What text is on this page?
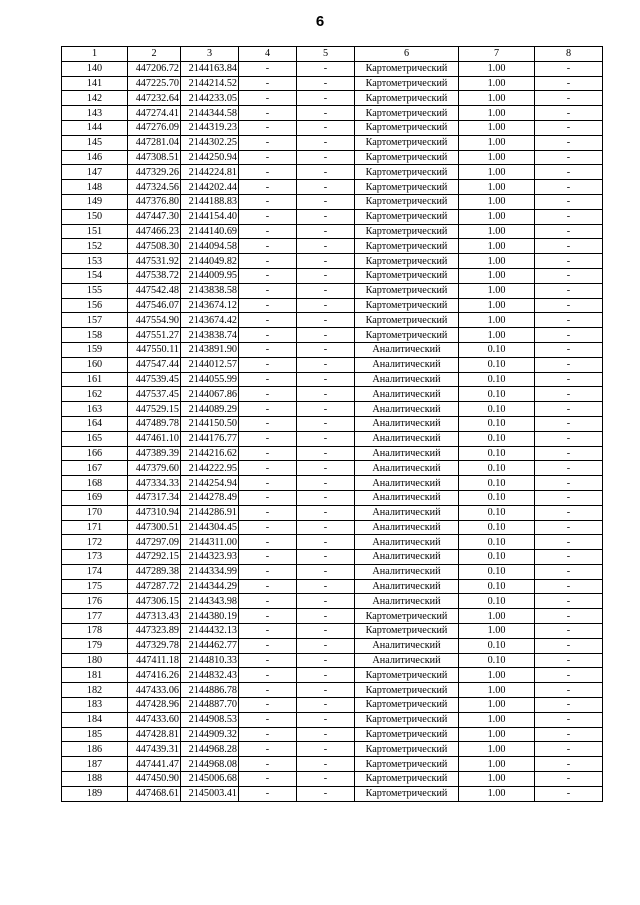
6
1	2	3	4	5	6	7	8
140	447206.72	2144163.84	-	-	Картометрический	1.00	-
141	447225.70	2144214.52	-	-	Картометрический	1.00	-
142	447232.64	2144233.05	-	-	Картометрический	1.00	-
143	447274.41	2144344.58	-	-	Картометрический	1.00	-
144	447276.09	2144319.23	-	-	Картометрический	1.00	-
145	447281.04	2144302.25	-	-	Картометрический	1.00	-
146	447308.51	2144250.94	-	-	Картометрический	1.00	-
147	447329.26	2144224.81	-	-	Картометрический	1.00	-
148	447324.56	2144202.44	-	-	Картометрический	1.00	-
149	447376.80	2144188.83	-	-	Картометрический	1.00	-
150	447447.30	2144154.40	-	-	Картометрический	1.00	-
151	447466.23	2144140.69	-	-	Картометрический	1.00	-
152	447508.30	2144094.58	-	-	Картометрический	1.00	-
153	447531.92	2144049.82	-	-	Картометрический	1.00	-
154	447538.72	2144009.95	-	-	Картометрический	1.00	-
155	447542.48	2143838.58	-	-	Картометрический	1.00	-
156	447546.07	2143674.12	-	-	Картометрический	1.00	-
157	447554.90	2143674.42	-	-	Картометрический	1.00	-
158	447551.27	2143838.74	-	-	Картометрический	1.00	-
159	447550.11	2143891.90	-	-	Аналитический	0.10	-
160	447547.44	2144012.57	-	-	Аналитический	0.10	-
161	447539.45	2144055.99	-	-	Аналитический	0.10	-
162	447537.45	2144067.86	-	-	Аналитический	0.10	-
163	447529.15	2144089.29	-	-	Аналитический	0.10	-
164	447489.78	2144150.50	-	-	Аналитический	0.10	-
165	447461.10	2144176.77	-	-	Аналитический	0.10	-
166	447389.39	2144216.62	-	-	Аналитический	0.10	-
167	447379.60	2144222.95	-	-	Аналитический	0.10	-
168	447334.33	2144254.94	-	-	Аналитический	0.10	-
169	447317.34	2144278.49	-	-	Аналитический	0.10	-
170	447310.94	2144286.91	-	-	Аналитический	0.10	-
171	447300.51	2144304.45	-	-	Аналитический	0.10	-
172	447297.09	2144311.00	-	-	Аналитический	0.10	-
173	447292.15	2144323.93	-	-	Аналитический	0.10	-
174	447289.38	2144334.99	-	-	Аналитический	0.10	-
175	447287.72	2144344.29	-	-	Аналитический	0.10	-
176	447306.15	2144343.98	-	-	Аналитический	0.10	-
177	447313.43	2144380.19	-	-	Картометрический	1.00	-
178	447323.89	2144432.13	-	-	Картометрический	1.00	-
179	447329.78	2144462.77	-	-	Аналитический	0.10	-
180	447411.18	2144810.33	-	-	Аналитический	0.10	-
181	447416.26	2144832.43	-	-	Картометрический	1.00	-
182	447433.06	2144886.78	-	-	Картометрический	1.00	-
183	447428.96	2144887.70	-	-	Картометрический	1.00	-
184	447433.60	2144908.53	-	-	Картометрический	1.00	-
185	447428.81	2144909.32	-	-	Картометрический	1.00	-
186	447439.31	2144968.28	-	-	Картометрический	1.00	-
187	447441.47	2144968.08	-	-	Картометрический	1.00	-
188	447450.90	2145006.68	-	-	Картометрический	1.00	-
189	447468.61	2145003.41	-	-	Картометрический	1.00	-
